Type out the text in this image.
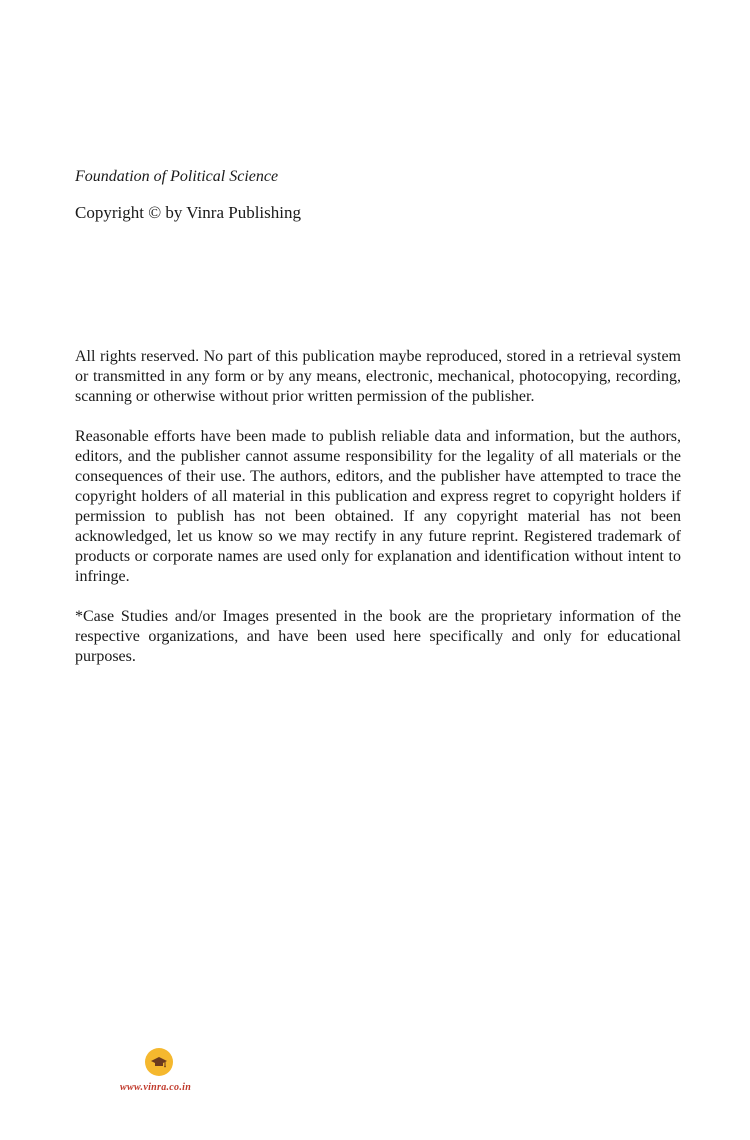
Foundation of Political Science

Copyright © by Vinra Publishing

All rights reserved. No part of this publication maybe reproduced, stored in a retrieval system or transmitted in any form or by any means, electronic, mechanical, photocopying, recording, scanning or otherwise without prior written permission of the publisher.

Reasonable efforts have been made to publish reliable data and information, but the authors, editors, and the publisher cannot assume responsibility for the legality of all materials or the consequences of their use. The authors, editors, and the publisher have attempted to trace the copyright holders of all material in this publication and express regret to copyright holders if permission to publish has not been obtained. If any copyright material has not been acknowledged, let us know so we may rectify in any future reprint. Registered trademark of products or corporate names are used only for explanation and identification without intent to infringe.

*Case Studies and/or Images presented in the book are the proprietary information of the respective organizations, and have been used here specifically and only for educational purposes.

www.vinra.co.in
